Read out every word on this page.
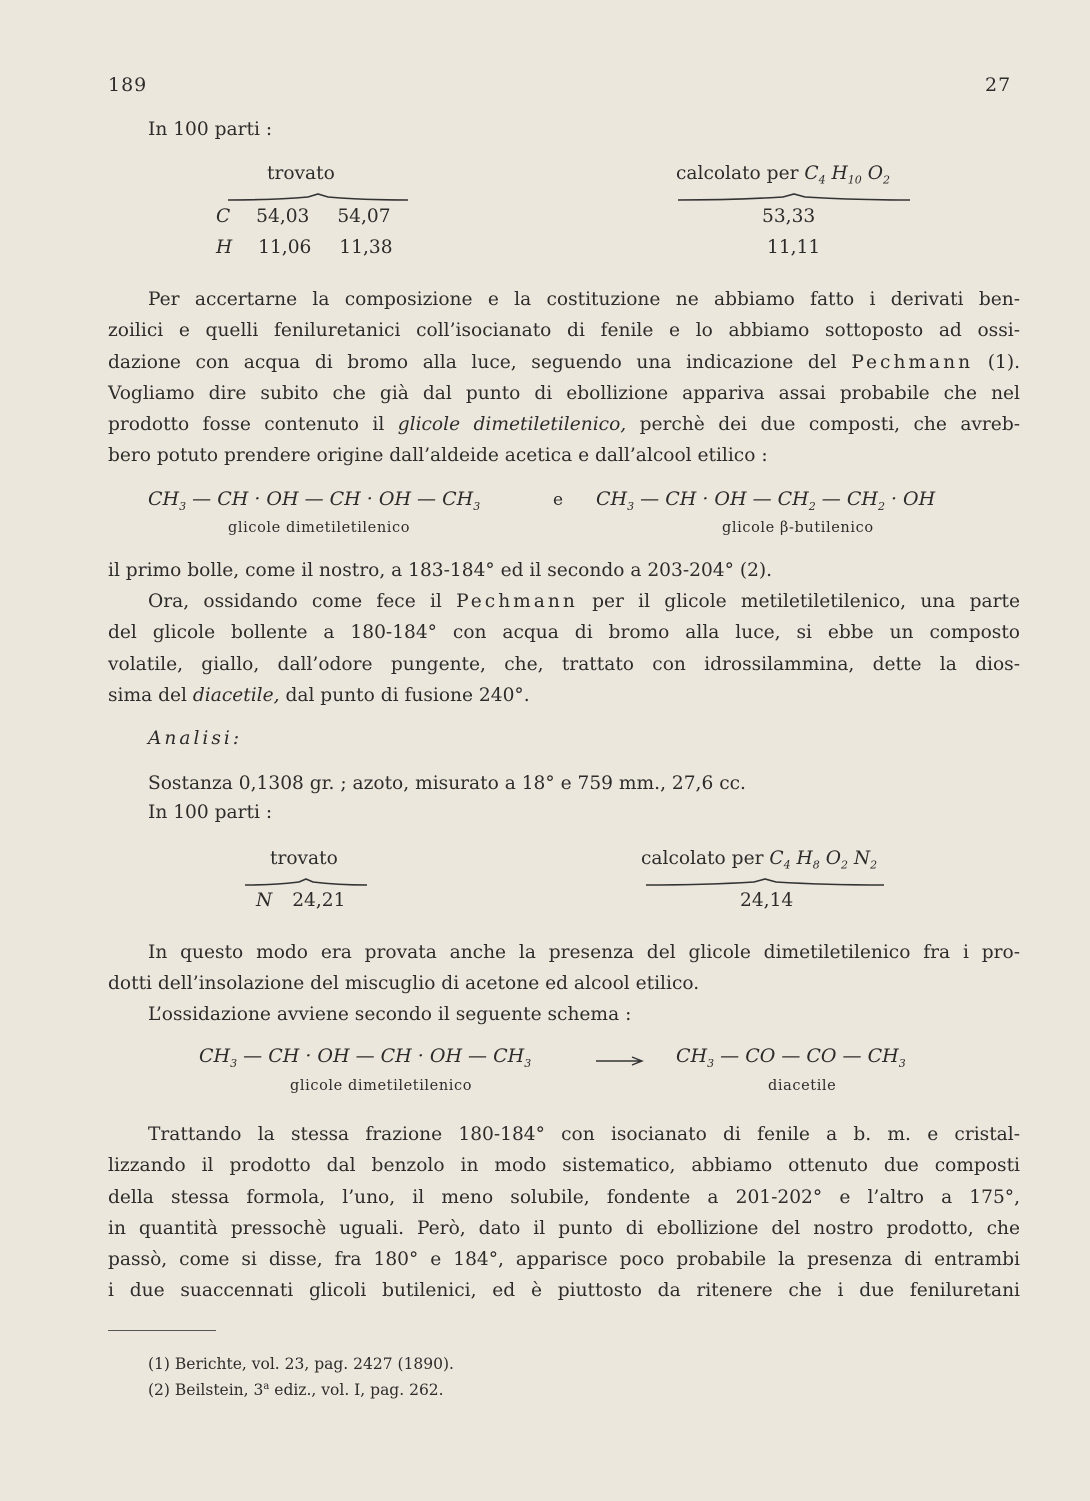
189	27
In 100 parti :
trovato	calcolato per $C_4$ $H_{10}$ $O_2$
C 54,03 54,07	53,33
H 11,06 11,38	11,11
Per accertarne la composizione e la costituzione ne abbiamo fatto i derivati ben-
zoilici e quelli feniluretanici coll’isocianato di fenile e lo abbiamo sottoposto ad ossi-
dazione con acqua di bromo alla luce, seguendo una indicazione del Pechmann (1).
Vogliamo dire subito che già dal punto di ebollizione appariva assai probabile che nel
prodotto fosse contenuto il glicole dimetiletilenico, perchè dei due composti, che avreb-
bero potuto prendere origine dall’aldeide acetica e dall’alcool etilico :
$CH_3$ — CH · OH — CH · OH — $CH_3$	e $CH_3$ — CH · OH — $CH_2$ — $CH_2$ · OH
glicole dimetiletilenico	glicole β-butilenico
il primo bolle, come il nostro, a 183-184° ed il secondo a 203-204° (2).
Ora, ossidando come fece il Pechmann per il glicole metiletiletilenico, una parte
del glicole bollente a 180-184° con acqua di bromo alla luce, si ebbe un composto
volatile, giallo, dall’odore pungente, che, trattato con idrossilammina, dette la dios-
sima del diacetile, dal punto di fusione 240°.
Analisi:
Sostanza 0,1308 gr. ; azoto, misurato a 18° e 759 mm., 27,6 cc.
In 100 parti :
trovato	calcolato per $C_4$ $H_8$ $O_2$ $N_2$
N 24,21	24,14
In questo modo era provata anche la presenza del glicole dimetiletilenico fra i pro-
dotti dell’insolazione del miscuglio di acetone ed alcool etilico.
L’ossidazione avviene secondo il seguente schema :
$CH_3$ — CH · OH — CH · OH — $CH_3$	$CH_3$ — CO — CO — $CH_3$
glicole dimetiletilenico	diacetile
Trattando la stessa frazione 180-184° con isocianato di fenile a b. m. e cristal-
lizzando il prodotto dal benzolo in modo sistematico, abbiamo ottenuto due composti
della stessa formola, l’uno, il meno solubile, fondente a 201-202° e l’altro a 175°,
in quantità pressochè uguali. Però, dato il punto di ebollizione del nostro prodotto, che
passò, come si disse, fra 180° e 184°, apparisce poco probabile la presenza di entrambi
i due suaccennati glicoli butilenici, ed è piuttosto da ritenere che i due feniluretani
(1) Berichte, vol. 23, pag. 2427 (1890).
(2) Beilstein, 3$^a$ ediz., vol. I, pag. 262.
